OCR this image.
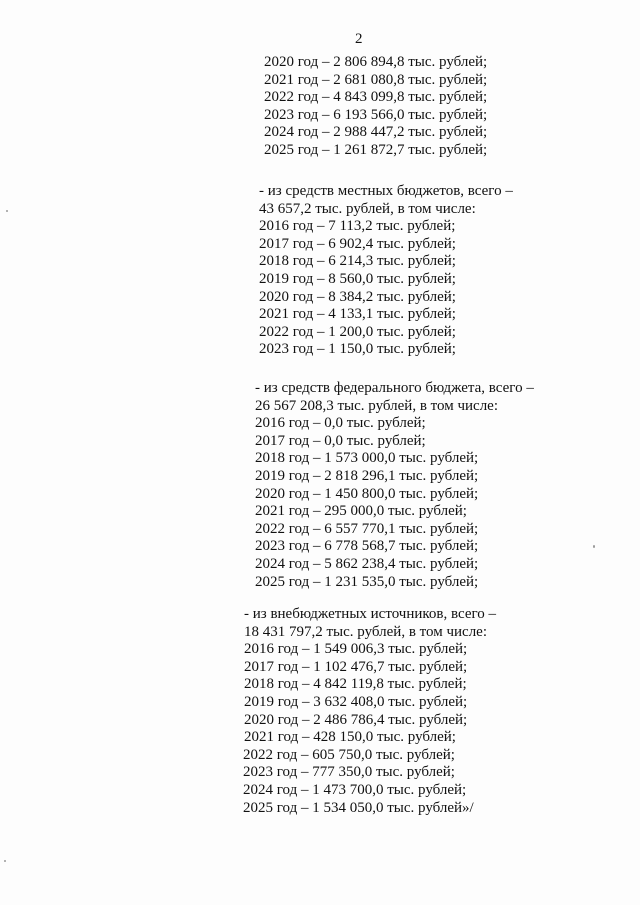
2
2020 год – 2 806 894,8 тыс. рублей;
2021 год – 2 681 080,8 тыс. рублей;
2022 год – 4 843 099,8 тыс. рублей;
2023 год – 6 193 566,0 тыс. рублей;
2024 год – 2 988 447,2 тыс. рублей;
2025 год – 1 261 872,7 тыс. рублей;
- из средств местных бюджетов, всего –
43 657,2 тыс. рублей, в том числе:
2016 год – 7 113,2 тыс. рублей;
2017 год – 6 902,4 тыс. рублей;
2018 год – 6 214,3 тыс. рублей;
2019 год – 8 560,0 тыс. рублей;
2020 год – 8 384,2 тыс. рублей;
2021 год – 4 133,1 тыс. рублей;
2022 год – 1 200,0 тыс. рублей;
2023 год – 1 150,0 тыс. рублей;
- из средств федерального бюджета, всего –
26 567 208,3 тыс. рублей, в том числе:
2016 год – 0,0 тыс. рублей;
2017 год – 0,0 тыс. рублей;
2018 год – 1 573 000,0 тыс. рублей;
2019 год – 2 818 296,1 тыс. рублей;
2020 год – 1 450 800,0 тыс. рублей;
2021 год – 295 000,0 тыс. рублей;
2022 год – 6 557 770,1 тыс. рублей;
2023 год – 6 778 568,7 тыс. рублей;
2024 год – 5 862 238,4 тыс. рублей;
2025 год – 1 231 535,0 тыс. рублей;
- из внебюджетных источников, всего –
18 431 797,2 тыс. рублей, в том числе:
2016 год – 1 549 006,3 тыс. рублей;
2017 год – 1 102 476,7 тыс. рублей;
2018 год – 4 842 119,8 тыс. рублей;
2019 год – 3 632 408,0 тыс. рублей;
2020 год – 2 486 786,4 тыс. рублей;
2021 год – 428 150,0 тыс. рублей;
2022 год – 605 750,0 тыс. рублей;
2023 год – 777 350,0 тыс. рублей;
2024 год – 1 473 700,0 тыс. рублей;
2025 год – 1 534 050,0 тыс. рублей»/
